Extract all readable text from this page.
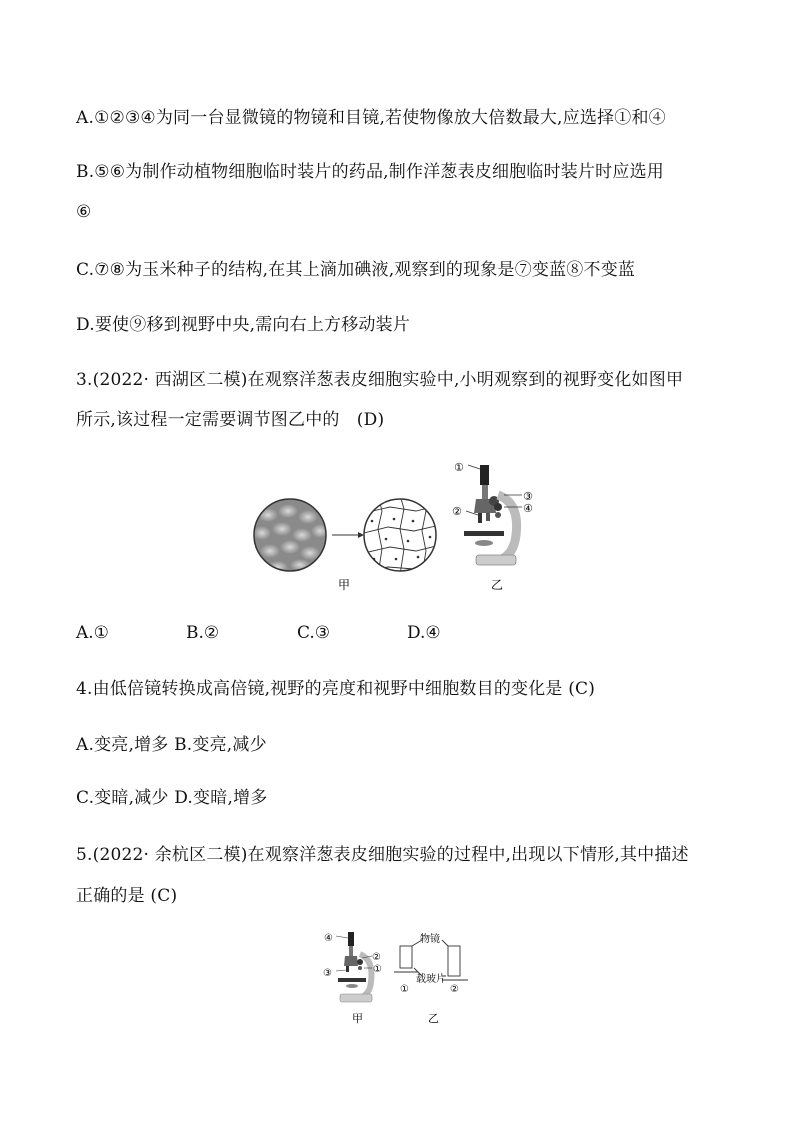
A.①②③④为同一台显微镜的物镜和目镜,若使物像放大倍数最大,应选择①和④
B.⑤⑥为制作动植物细胞临时装片的药品,制作洋葱表皮细胞临时装片时应选用
⑥
C.⑦⑧为玉米种子的结构,在其上滴加碘液,观察到的现象是⑦变蓝⑧不变蓝
D.要使⑨移到视野中央,需向右上方移动装片
3.(2022· 西湖区二模)在观察洋葱表皮细胞实验中,小明观察到的视野变化如图甲
所示,该过程一定需要调节图乙中的　(D)
①
②
③
④
甲	乙
A.①	B.②	C.③	D.④
4.由低倍镜转换成高倍镜,视野的亮度和视野中细胞数目的变化是 (C)
A.变亮,增多 B.变亮,减少
C.变暗,减少 D.变暗,增多
5.(2022· 余杭区二模)在观察洋葱表皮细胞实验的过程中,出现以下情形,其中描述
正确的是 (C)
④
②
③	①
甲
物镜
载玻片
①	②
乙
